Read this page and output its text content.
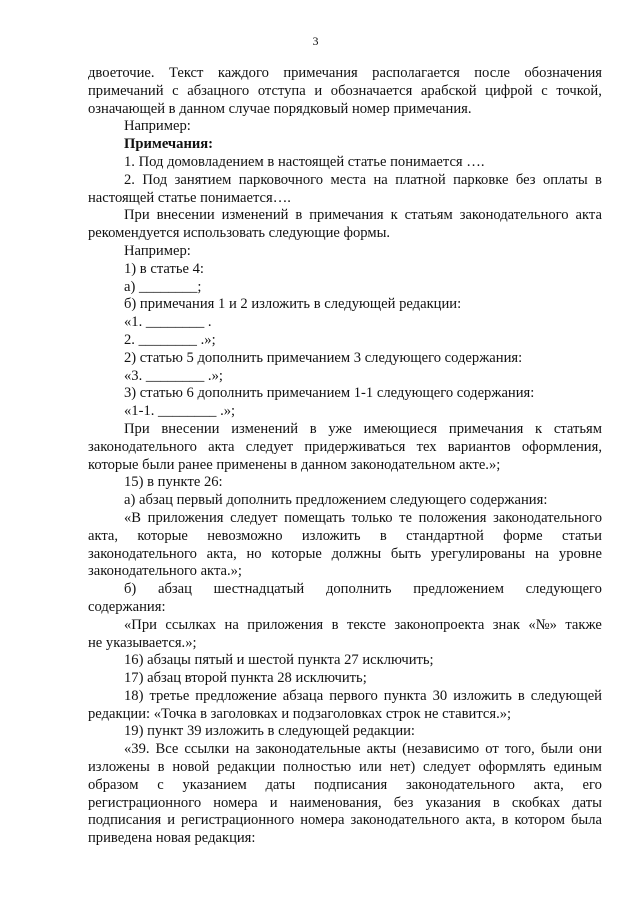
3
двоеточие. Текст каждого примечания располагается после обозначения
примечаний с абзацного отступа и обозначается арабской цифрой с точкой,
означающей в данном случае порядковый номер примечания.
Например:
Примечания:
1. Под домовладением в настоящей статье понимается ….
2. Под занятием парковочного места на платной парковке без оплаты в
настоящей статье понимается….
При внесении изменений в примечания к статьям законодательного акта
рекомендуется использовать следующие формы.
Например:
1) в статье 4:
а) ________;
б) примечания 1 и 2 изложить в следующей редакции:
«1. ________ .
2. ________ .»;
2) статью 5 дополнить примечанием 3 следующего содержания:
«3. ________ .»;
3) статью 6 дополнить примечанием 1-1 следующего содержания:
«1-1. ________ .»;
При внесении изменений в уже имеющиеся примечания к статьям
законодательного акта следует придерживаться тех вариантов оформления,
которые были ранее применены в данном законодательном акте.»;
15) в пункте 26:
а) абзац первый дополнить предложением следующего содержания:
«В приложения следует помещать только те положения законодательного
акта, которые невозможно изложить в стандартной форме статьи
законодательного акта, но которые должны быть урегулированы на уровне
законодательного акта.»;
б) абзац шестнадцатый дополнить предложением следующего
содержания:
«При ссылках на приложения в тексте законопроекта знак «№» также
не указывается.»;
16) абзацы пятый и шестой пункта 27 исключить;
17) абзац второй пункта 28 исключить;
18) третье предложение абзаца первого пункта 30 изложить в следующей
редакции: «Точка в заголовках и подзаголовках строк не ставится.»;
19) пункт 39 изложить в следующей редакции:
«39. Все ссылки на законодательные акты (независимо от того, были они
изложены в новой редакции полностью или нет) следует оформлять единым
образом с указанием даты подписания законодательного акта, его
регистрационного номера и наименования, без указания в скобках даты
подписания и регистрационного номера законодательного акта, в котором была
приведена новая редакция:
